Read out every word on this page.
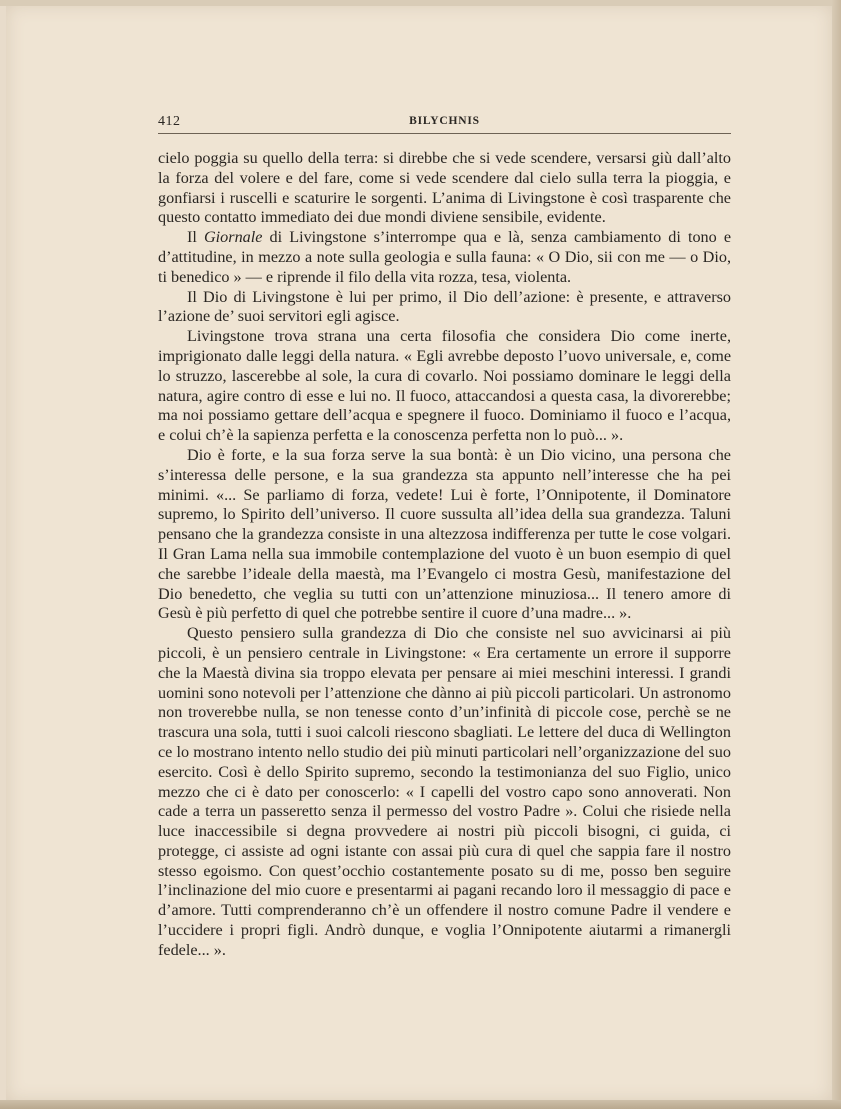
412	BILYCHNIS

cielo poggia su quello della terra: si direbbe che si vede scendere, versarsi giù dall’alto la forza del volere e del fare, come si vede scendere dal cielo sulla terra la pioggia, e gonfiarsi i ruscelli e scaturire le sorgenti. L’anima di Livingstone è così trasparente che questo contatto immediato dei due mondi diviene sensibile, evidente.

Il Giornale di Livingstone s’interrompe qua e là, senza cambiamento di tono e d’attitudine, in mezzo a note sulla geologia e sulla fauna: « O Dio, sii con me — o Dio, ti benedico » — e riprende il filo della vita rozza, tesa, violenta.

Il Dio di Livingstone è lui per primo, il Dio dell’azione: è presente, e attraverso l’azione de’ suoi servitori egli agisce.

Livingstone trova strana una certa filosofia che considera Dio come inerte, imprigionato dalle leggi della natura. « Egli avrebbe deposto l’uovo universale, e, come lo struzzo, lascerebbe al sole, la cura di covarlo. Noi possiamo dominare le leggi della natura, agire contro di esse e lui no. Il fuoco, attaccandosi a questa casa, la divorerebbe; ma noi possiamo gettare dell’acqua e spegnere il fuoco. Dominiamo il fuoco e l’acqua, e colui ch’è la sapienza perfetta e la conoscenza perfetta non lo può... ».

Dio è forte, e la sua forza serve la sua bontà: è un Dio vicino, una persona che s’interessa delle persone, e la sua grandezza sta appunto nell’interesse che ha pei minimi. «... Se parliamo di forza, vedete! Lui è forte, l’Onnipotente, il Dominatore supremo, lo Spirito dell’universo. Il cuore sussulta all’idea della sua grandezza. Taluni pensano che la grandezza consiste in una altezzosa indifferenza per tutte le cose volgari. Il Gran Lama nella sua immobile contemplazione del vuoto è un buon esempio di quel che sarebbe l’ideale della maestà, ma l’Evangelo ci mostra Gesù, manifestazione del Dio benedetto, che veglia su tutti con un’attenzione minuziosa... Il tenero amore di Gesù è più perfetto di quel che potrebbe sentire il cuore d’una madre... ».

Questo pensiero sulla grandezza di Dio che consiste nel suo avvicinarsi ai più piccoli, è un pensiero centrale in Livingstone: « Era certamente un errore il supporre che la Maestà divina sia troppo elevata per pensare ai miei meschini interessi. I grandi uomini sono notevoli per l’attenzione che dànno ai più piccoli particolari. Un astronomo non troverebbe nulla, se non tenesse conto d’un’infinità di piccole cose, perchè se ne trascura una sola, tutti i suoi calcoli riescono sbagliati. Le lettere del duca di Wellington ce lo mostrano intento nello studio dei più minuti particolari nell’organizzazione del suo esercito. Così è dello Spirito supremo, secondo la testimonianza del suo Figlio, unico mezzo che ci è dato per conoscerlo: « I capelli del vostro capo sono annoverati. Non cade a terra un passeretto senza il permesso del vostro Padre ». Colui che risiede nella luce inaccessibile si degna provvedere ai nostri più piccoli bisogni, ci guida, ci protegge, ci assiste ad ogni istante con assai più cura di quel che sappia fare il nostro stesso egoismo. Con quest’occhio costantemente posato su di me, posso ben seguire l’inclinazione del mio cuore e presentarmi ai pagani recando loro il messaggio di pace e d’amore. Tutti comprenderanno ch’è un offendere il nostro comune Padre il vendere e l’uccidere i propri figli. Andrò dunque, e voglia l’Onnipotente aiutarmi a rimanergli fedele... ».
